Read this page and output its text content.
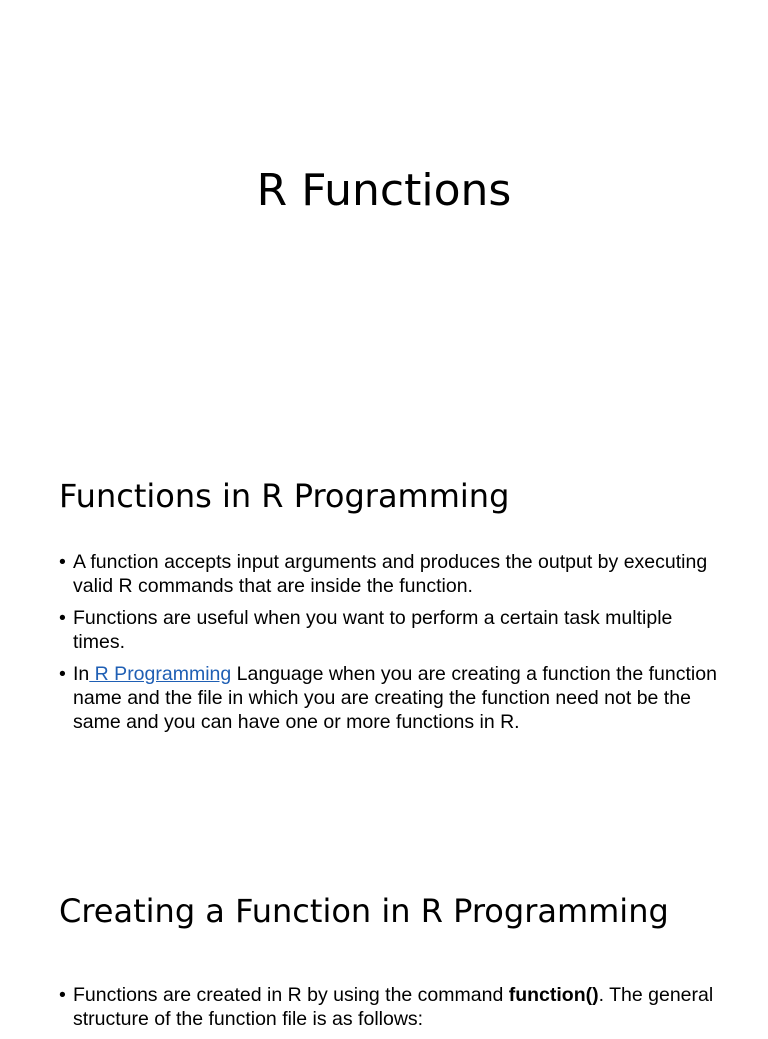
R Functions
Functions in R Programming
• A function accepts input arguments and produces the output by executing valid R commands that are inside the function.
• Functions are useful when you want to perform a certain task multiple times.
• In R Programming Language when you are creating a function the function name and the file in which you are creating the function need not be the same and you can have one or more functions in R.
Creating a Function in R Programming
• Functions are created in R by using the command function(). The general structure of the function file is as follows:
